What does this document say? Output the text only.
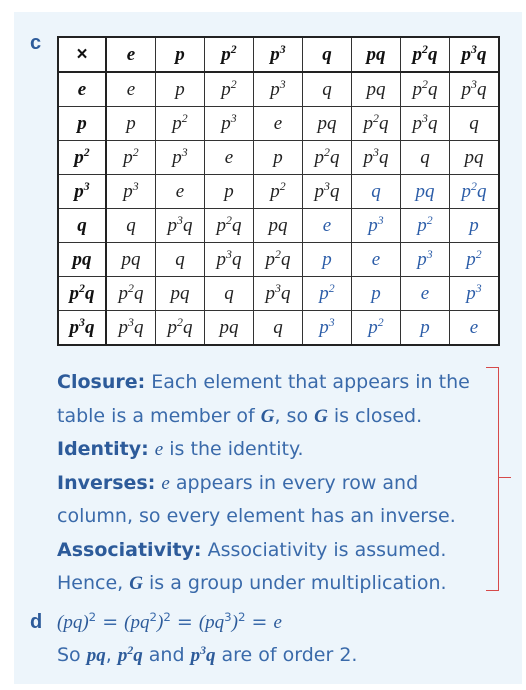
c ×	e	p	$p^2$	$p^3$	q	pq	$p^2q$	$p^3q$
e	e	p	$p^2$	$p^3$	q	pq	$p^2q$	$p^3q$
p	p	$p^2$	$p^3$	e	pq	$p^2q$	$p^3q$	q
$p^2$	$p^2$	$p^3$	e	p	$p^2q$	$p^3q$	q	pq
$p^3$	$p^3$	e	p	$p^2$	$p^3q$	q	pq	$p^2q$
q	q	$p^3q$	$p^2q$	pq	e	$p^3$	$p^2$	p
pq	pq	q	$p^3q$	$p^2q$	p	e	$p^3$	$p^2$
$p^2q$	$p^2q$	pq	q	$p^3q$	$p^2$	p	e	$p^3$
$p^3q$	$p^3q$	$p^2q$	pq	q	$p^3$	$p^2$	p	e

Closure: Each element that appears in the

table is a member of G, so G is closed.

Identity: e is the identity.

Inverses: e appears in every row and

column, so every element has an inverse.

Associativity: Associativity is assumed.

Hence, G is a group under multiplication.

d $(pq)^2 = (pq^2)^2 = (pq^3)^2 = e$

So pq, $p^2q$ and $p^3q$ are of order 2.
